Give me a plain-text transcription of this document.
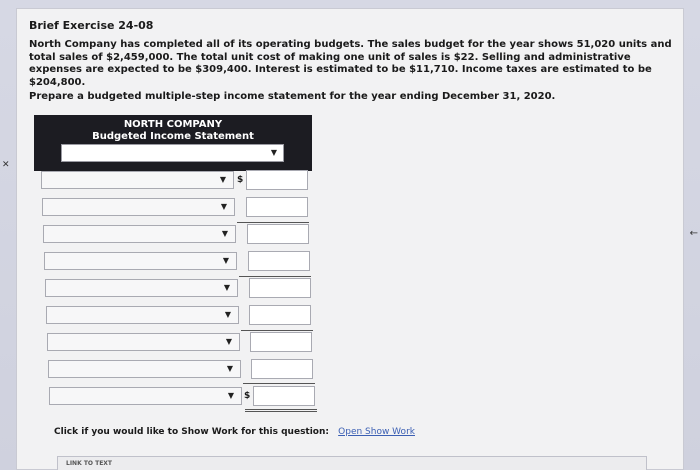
Brief Exercise 24-08
North Company has completed all of its operating budgets. The sales budget for the year shows 51,020 units and total sales of $2,459,000. The total unit cost of making one unit of sales is $22. Selling and administrative expenses are expected to be $309,400. Interest is estimated to be $11,710. Income taxes are estimated to be $204,800.
Prepare a budgeted multiple-step income statement for the year ending December 31, 2020.
NORTH COMPANY
Budgeted Income Statement
▼
▼ $
▼
▼
▼
▼
▼
▼
▼
▼ $
Click if you would like to Show Work for this question: Open Show Work
LINK TO TEXT
✕
←
